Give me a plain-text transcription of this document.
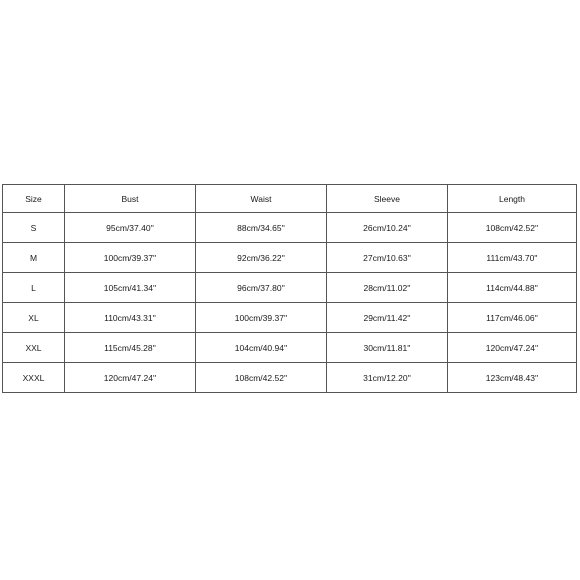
Size	Bust	Waist	Sleeve	Length
S	95cm/37.40''	88cm/34.65''	26cm/10.24''	108cm/42.52''
M	100cm/39.37''	92cm/36.22''	27cm/10.63''	111cm/43.70''
L	105cm/41.34''	96cm/37.80''	28cm/11.02''	114cm/44.88''
XL	110cm/43.31''	100cm/39.37''	29cm/11.42''	117cm/46.06''
XXL	115cm/45.28''	104cm/40.94''	30cm/11.81''	120cm/47.24''
XXXL	120cm/47.24''	108cm/42.52''	31cm/12.20''	123cm/48.43''
